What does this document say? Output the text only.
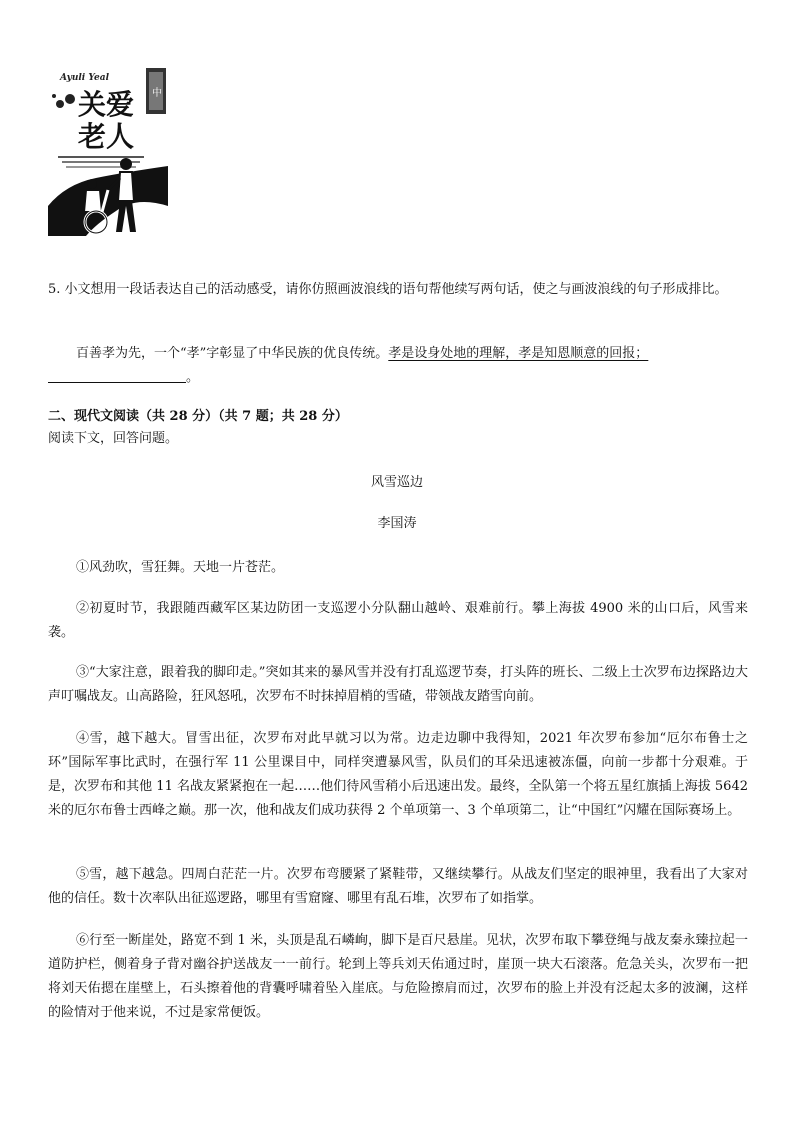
Ayuli Yeal
中
关爱
老人
5. 小文想用一段话表达自己的活动感受，请你仿照画波浪线的语句帮他续写两句话，使之与画波浪线的句子形成排比。
百善孝为先，一个“孝”字彰显了中华民族的优良传统。孝是设身处地的理解，孝是知恩顺意的回报；
。
二、现代文阅读（共 28 分）（共 7 题；共 28 分）
阅读下文，回答问题。
风雪巡边
李国涛
①风劲吹，雪狂舞。天地一片苍茫。
②初夏时节，我跟随西藏军区某边防团一支巡逻小分队翻山越岭、艰难前行。攀上海拔 4900 米的山口后，风雪来袭。
③“大家注意，跟着我的脚印走。”突如其来的暴风雪并没有打乱巡逻节奏，打头阵的班长、二级上士次罗布边探路边大声叮嘱战友。山高路险，狂风怒吼，次罗布不时抹掉眉梢的雪碴，带领战友踏雪向前。
④雪，越下越大。冒雪出征，次罗布对此早就习以为常。边走边聊中我得知，2021 年次罗布参加“厄尔布鲁士之环”国际军事比武时，在强行军 11 公里课目中，同样突遭暴风雪，队员们的耳朵迅速被冻僵，向前一步都十分艰难。于是，次罗布和其他 11 名战友紧紧抱在一起……他们待风雪稍小后迅速出发。最终，全队第一个将五星红旗插上海拔 5642 米的厄尔布鲁士西峰之巅。那一次，他和战友们成功获得 2 个单项第一、3 个单项第二，让“中国红”闪耀在国际赛场上。
⑤雪，越下越急。四周白茫茫一片。次罗布弯腰紧了紧鞋带，又继续攀行。从战友们坚定的眼神里，我看出了大家对他的信任。数十次率队出征巡逻路，哪里有雪窟窿、哪里有乱石堆，次罗布了如指掌。
⑥行至一断崖处，路宽不到 1 米，头顶是乱石嶙峋，脚下是百尺悬崖。见状，次罗布取下攀登绳与战友秦永臻拉起一道防护栏，侧着身子背对幽谷护送战友一一前行。轮到上等兵刘天佑通过时，崖顶一块大石滚落。危急关头，次罗布一把将刘天佑摁在崖壁上，石头擦着他的背囊呼啸着坠入崖底。与危险擦肩而过，次罗布的脸上并没有泛起太多的波澜，这样的险情对于他来说，不过是家常便饭。
